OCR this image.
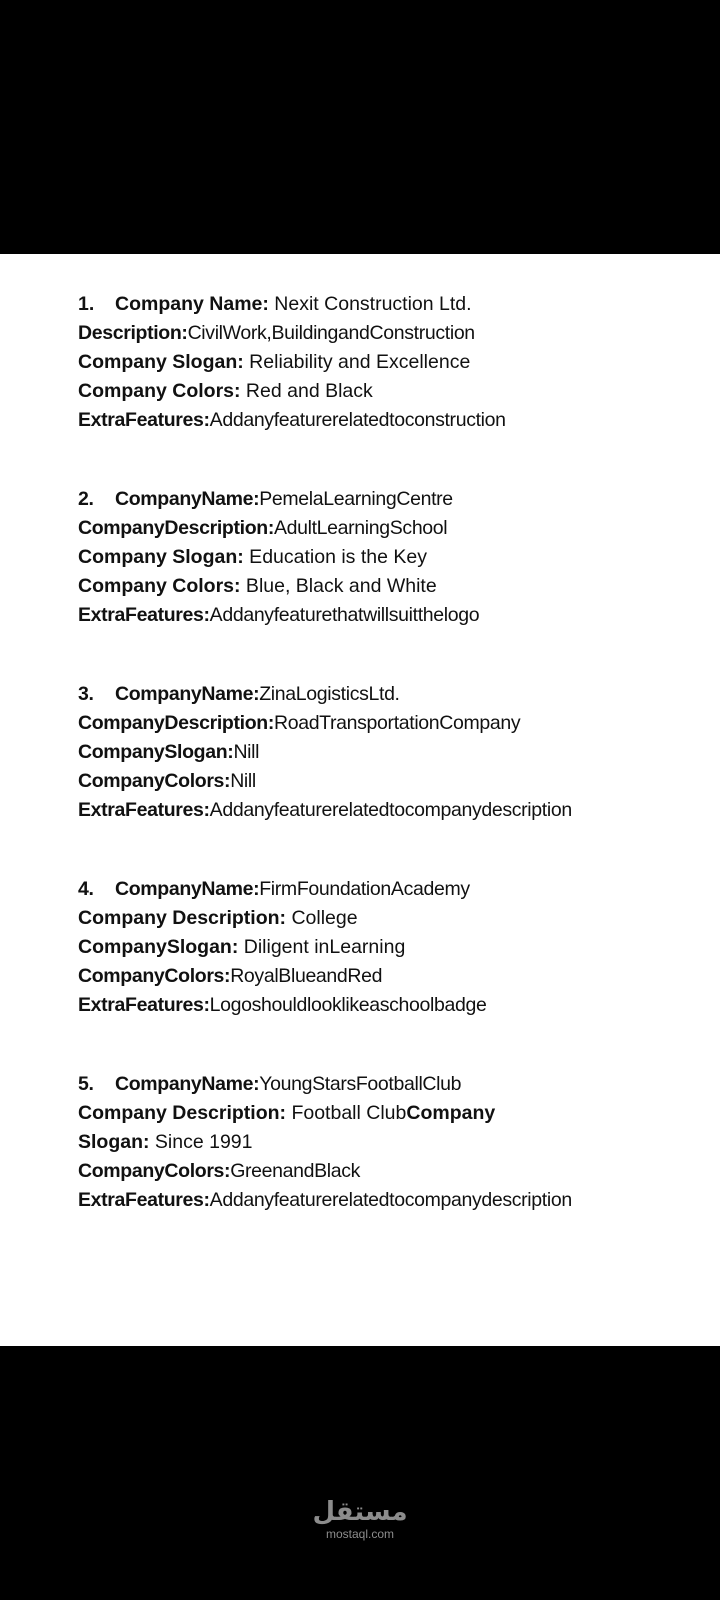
1. Company Name: Nexit Construction Ltd.
Description:CivilWork,BuildingandConstruction
Company Slogan: Reliability and Excellence
Company Colors: Red and Black
ExtraFeatures:Addanyfeaturerelatedtoconstruction
2. CompanyName:PemelaLearningCentre
CompanyDescription:AdultLearningSchool
Company Slogan: Education is the Key
Company Colors: Blue, Black and White
ExtraFeatures:Addanyfeaturethatwillsuitthelogo
3. CompanyName:ZinaLogisticsLtd.
CompanyDescription:RoadTransportationCompany
CompanySlogan:Nill
CompanyColors:Nill
ExtraFeatures:Addanyfeaturerelatedtocompanydescription
4. CompanyName:FirmFoundationAcademy
Company Description: College
CompanySlogan: Diligent inLearning
CompanyColors:RoyalBlueandRed
ExtraFeatures:Logoshouldlooklikeaschoolbadge
5. CompanyName:YoungStarsFootballClub
Company Description: Football ClubCompany
Slogan: Since 1991
CompanyColors:GreenandBlack
ExtraFeatures:Addanyfeaturerelatedtocompanydescription
مستقل
mostaql.com
